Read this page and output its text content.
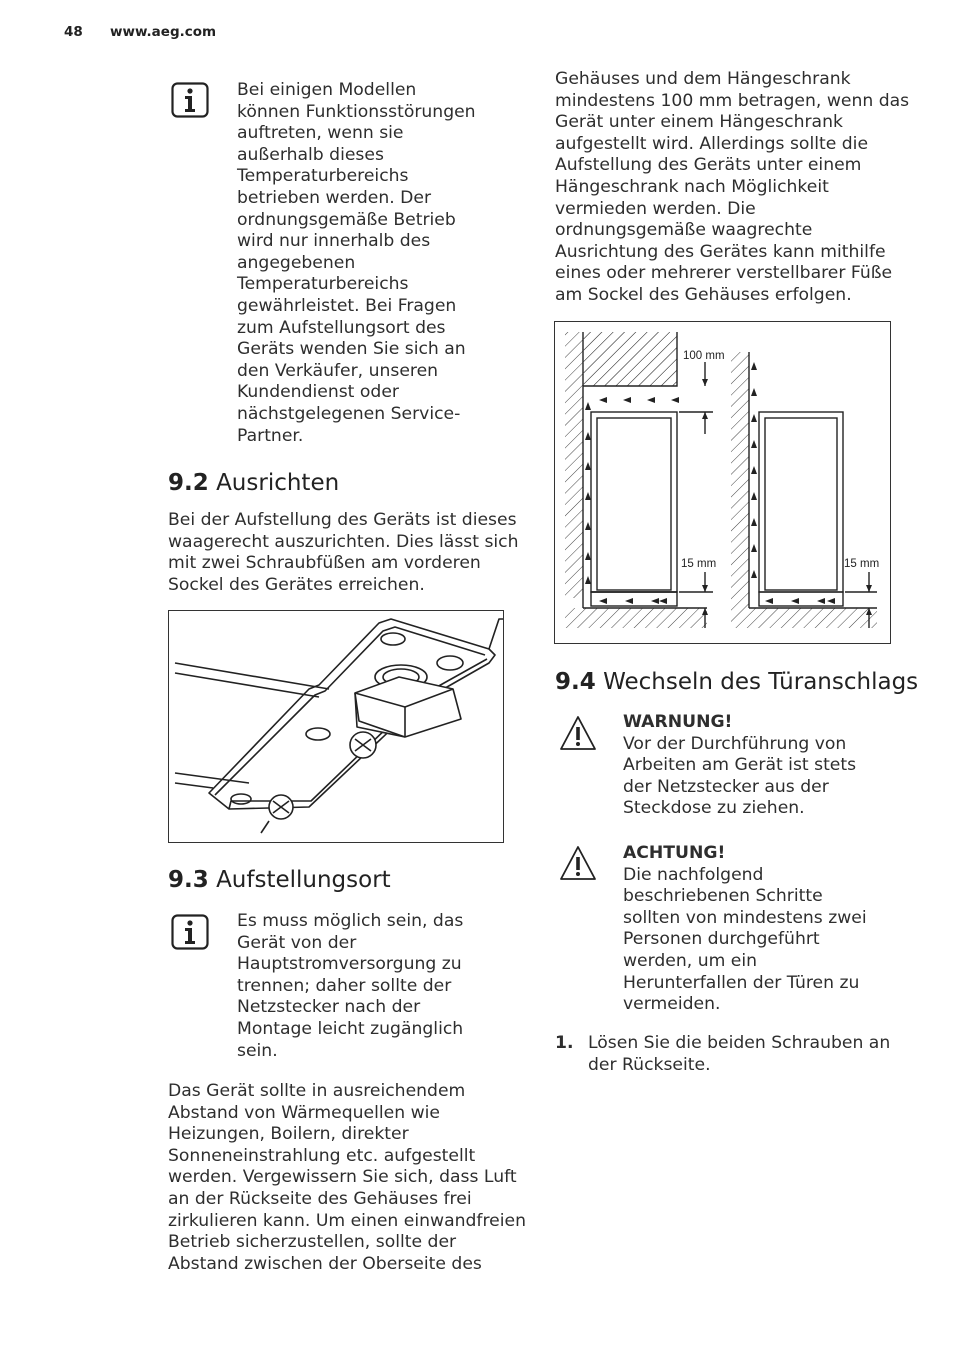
48 www.aeg.com
Bei einigen Modellen
können Funktionsstörungen
auftreten, wenn sie
außerhalb dieses
Temperaturbereichs
betrieben werden. Der
ordnungsgemäße Betrieb
wird nur innerhalb des
angegebenen
Temperaturbereichs
gewährleistet. Bei Fragen
zum Aufstellungsort des
Geräts wenden Sie sich an
den Verkäufer, unseren
Kundendienst oder
nächstgelegenen Service-
Partner.
9.2 Ausrichten
Bei der Aufstellung des Geräts ist dieses
waagerecht auszurichten. Dies lässt sich
mit zwei Schraubfüßen am vorderen
Sockel des Gerätes erreichen.
9.3 Aufstellungsort
Es muss möglich sein, das
Gerät von der
Hauptstromversorgung zu
trennen; daher sollte der
Netzstecker nach der
Montage leicht zugänglich
sein.
Das Gerät sollte in ausreichendem
Abstand von Wärmequellen wie
Heizungen, Boilern, direkter
Sonneneinstrahlung etc. aufgestellt
werden. Vergewissern Sie sich, dass Luft
an der Rückseite des Gehäuses frei
zirkulieren kann. Um einen einwandfreien
Betrieb sicherzustellen, sollte der
Abstand zwischen der Oberseite des
Gehäuses und dem Hängeschrank
mindestens 100 mm betragen, wenn das
Gerät unter einem Hängeschrank
aufgestellt wird. Allerdings sollte die
Aufstellung des Geräts unter einem
Hängeschrank nach Möglichkeit
vermieden werden. Die
ordnungsgemäße waagrechte
Ausrichtung des Gerätes kann mithilfe
eines oder mehrerer verstellbarer Füße
am Sockel des Gehäuses erfolgen.
100 mm
15 mm	15 mm
9.4 Wechseln des Türanschlags
WARNUNG!
Vor der Durchführung von
Arbeiten am Gerät ist stets
der Netzstecker aus der
Steckdose zu ziehen.
ACHTUNG!
Die nachfolgend
beschriebenen Schritte
sollten von mindestens zwei
Personen durchgeführt
werden, um ein
Herunterfallen der Türen zu
vermeiden.
1. Lösen Sie die beiden Schrauben an
der Rückseite.
